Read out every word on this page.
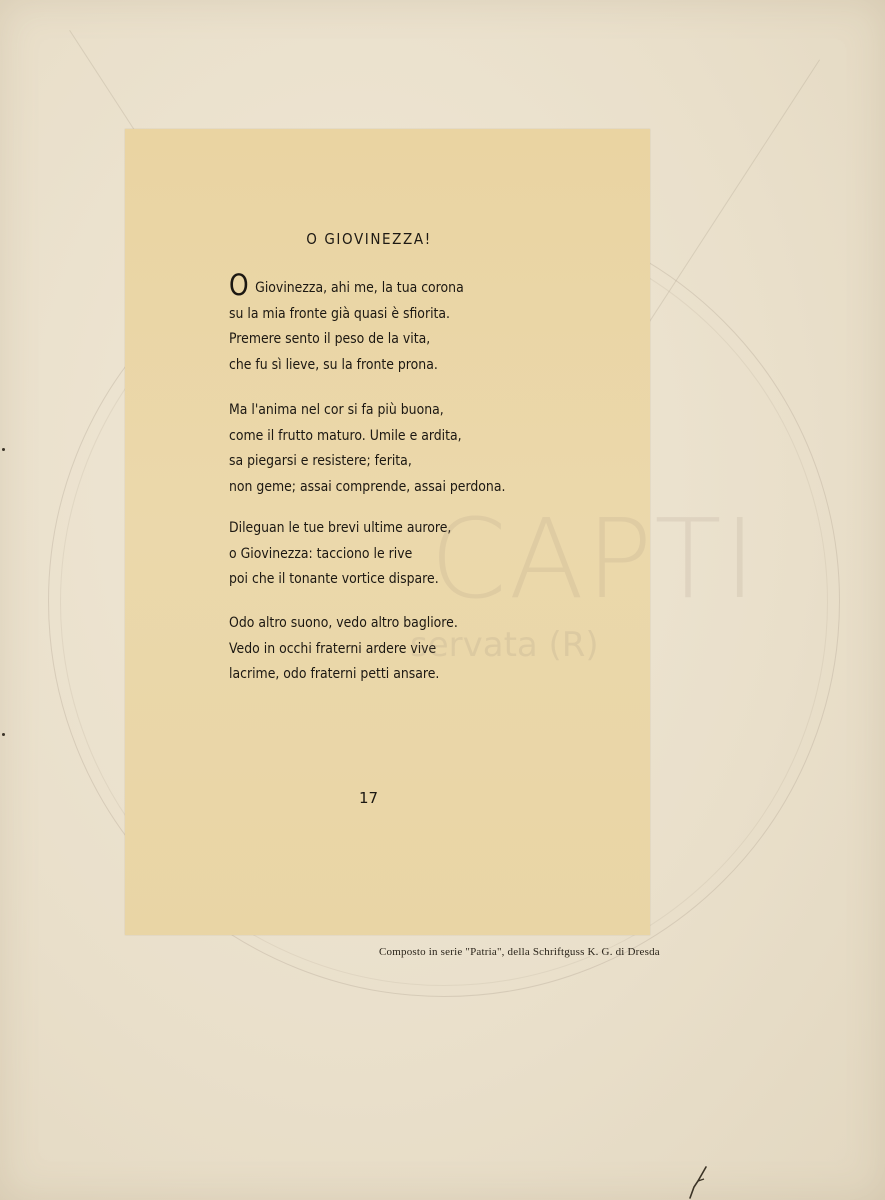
O GIOVINEZZA!
O Giovinezza, ahi me, la tua corona
su la mia fronte già quasi è sfiorita.
Premere sento il peso de la vita,
che fu sì lieve, su la fronte prona.
Ma l'anima nel cor si fa più buona,
come il frutto maturo. Umile e ardita,
sa piegarsi e resistere; ferita,
non geme; assai comprende, assai perdona.
Dileguan le tue brevi ultime aurore,
o Giovinezza: tacciono le rive
poi che il tonante vortice dispare.
Odo altro suono, vedo altro bagliore.
Vedo in occhi fraterni ardere vive
lacrime, odo fraterni petti ansare.
17
CAPTI
servata (R)
Composto in serie "Patria", della Schriftguss K. G. di Dresda
